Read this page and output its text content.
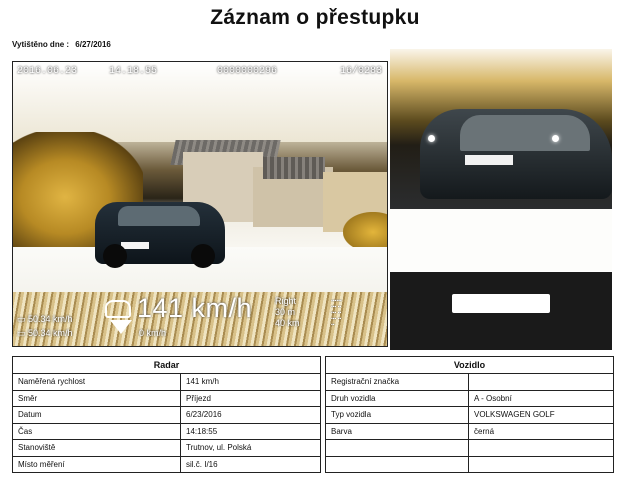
Záznam o přestupku
Vytištěno dne : 6/27/2016
2016.06.23	14.18.55	0000000296	16/0283
141 km/h	Right
30 m
40 km
▪▪▪▪▪▪
▪▪▪ ▪▪
▪▪▪ ▪▪
▪▪▪ ▪▪
▪▪
▭ 50.34 km/h
▭ 50.34 km/h	0 km/h
Radar	
Naměřená rychlost	141 km/h
Směr	Příjezd
Datum	6/23/2016
Čas	14:18:55
Stanoviště	Trutnov, ul. Polská
Místo měření	sil.č. I/16
Vozidlo	
Registrační značka	
Druh vozidla	A - Osobní
Typ vozidla	VOLKSWAGEN GOLF
Barva	černá
